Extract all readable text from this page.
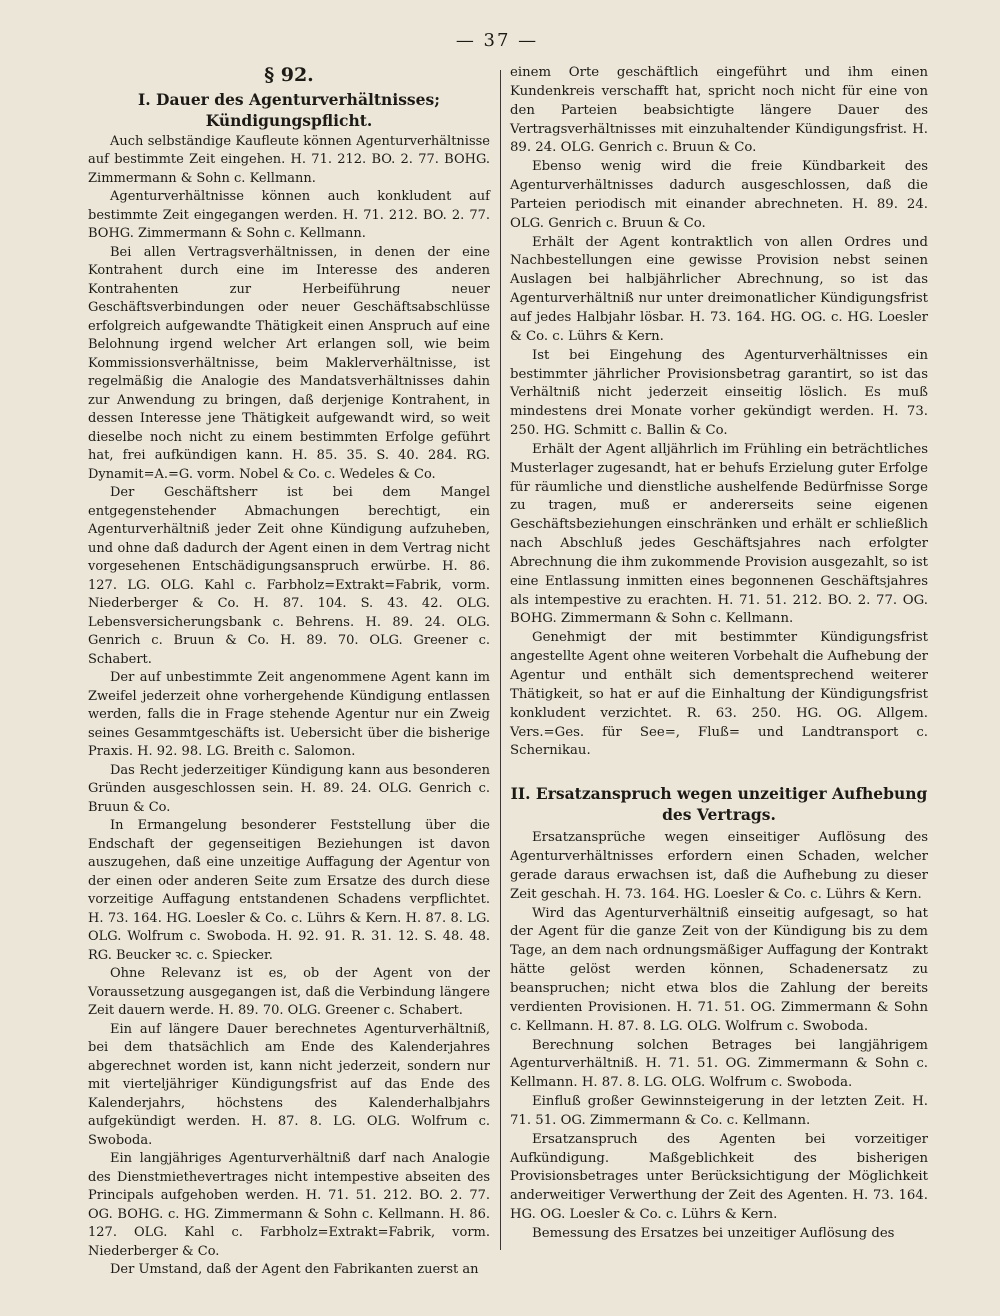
— 37 —
§ 92.
I. Dauer des Agenturverhältnisses; Kündigungspflicht.

Auch selbständige Kaufleute können Agenturverhältnisse auf bestimmte Zeit eingehen. H. 71. 212. BO. 2. 77. BOHG. Zimmermann & Sohn c. Kellmann.

Agenturverhältnisse können auch konkludent auf bestimmte Zeit eingegangen werden. H. 71. 212. BO. 2. 77. BOHG. Zimmermann & Sohn c. Kellmann.

Bei allen Vertragsverhältnissen, in denen der eine Kontrahent durch eine im Interesse des anderen Kontrahenten zur Herbeiführung neuer Geschäftsverbindungen oder neuer Geschäftsabschlüsse erfolgreich aufgewandte Thätigkeit einen Anspruch auf eine Belohnung irgend welcher Art erlangen soll, wie beim Kommissionsverhältnisse, beim Maklerverhältnisse, ist regelmäßig die Analogie des Mandatsverhältnisses dahin zur Anwendung zu bringen, daß derjenige Kontrahent, in dessen Interesse jene Thätigkeit aufgewandt wird, so weit dieselbe noch nicht zu einem bestimmten Erfolge geführt hat, frei aufkündigen kann. H. 85. 35. S. 40. 284. RG. Dynamit=A.=G. vorm. Nobel & Co. c. Wedeles & Co.

Der Geschäftsherr ist bei dem Mangel entgegenstehender Abmachungen berechtigt, ein Agenturverhältniß jeder Zeit ohne Kündigung aufzuheben, und ohne daß dadurch der Agent einen in dem Vertrag nicht vorgesehenen Entschädigungsanspruch erwürbe. H. 86. 127. LG. OLG. Kahl c. Farbholz=Extrakt=Fabrik, vorm. Niederberger & Co. H. 87. 104. S. 43. 42. OLG. Lebensversicherungsbank c. Behrens. H. 89. 24. OLG. Genrich c. Bruun & Co. H. 89. 70. OLG. Greener c. Schabert.

Der auf unbestimmte Zeit angenommene Agent kann im Zweifel jederzeit ohne vorhergehende Kündigung entlassen werden, falls die in Frage stehende Agentur nur ein Zweig seines Gesammtgeschäfts ist. Uebersicht über die bisherige Praxis. H. 92. 98. LG. Breith c. Salomon.

Das Recht jederzeitiger Kündigung kann aus besonderen Gründen ausgeschlossen sein. H. 89. 24. OLG. Genrich c. Bruun & Co.

In Ermangelung besonderer Feststellung über die Endschaft der gegenseitigen Beziehungen ist davon auszugehen, daß eine unzeitige Auffagung der Agentur von der einen oder anderen Seite zum Ersatze des durch diese vorzeitige Auffagung entstandenen Schadens verpflichtet. H. 73. 164. HG. Loesler & Co. c. Lührs & Kern. H. 87. 8. LG. OLG. Wolfrum c. Swoboda. H. 92. 91. R. 31. 12. S. 48. 48. RG. Beucker ꝛc. c. Spiecker.

Ohne Relevanz ist es, ob der Agent von der Voraussetzung ausgegangen ist, daß die Verbindung längere Zeit dauern werde. H. 89. 70. OLG. Greener c. Schabert.

Ein auf längere Dauer berechnetes Agenturverhältniß, bei dem thatsächlich am Ende des Kalenderjahres abgerechnet worden ist, kann nicht jederzeit, sondern nur mit vierteljähriger Kündigungsfrist auf das Ende des Kalenderjahrs, höchstens des Kalenderhalbjahrs aufgekündigt werden. H. 87. 8. LG. OLG. Wolfrum c. Swoboda.

Ein langjähriges Agenturverhältniß darf nach Analogie des Dienstmiethevertrages nicht intempestive abseiten des Principals aufgehoben werden. H. 71. 51. 212. BO. 2. 77. OG. BOHG. c. HG. Zimmermann & Sohn c. Kellmann. H. 86. 127. OLG. Kahl c. Farbholz=Extrakt=Fabrik, vorm. Niederberger & Co.

Der Umstand, daß der Agent den Fabrikanten zuerst an

einem Orte geschäftlich eingeführt und ihm einen Kundenkreis verschafft hat, spricht noch nicht für eine von den Parteien beabsichtigte längere Dauer des Vertragsverhältnisses mit einzuhaltender Kündigungsfrist. H. 89. 24. OLG. Genrich c. Bruun & Co.

Ebenso wenig wird die freie Kündbarkeit des Agenturverhältnisses dadurch ausgeschlossen, daß die Parteien periodisch mit einander abrechneten. H. 89. 24. OLG. Genrich c. Bruun & Co.

Erhält der Agent kontraktlich von allen Ordres und Nachbestellungen eine gewisse Provision nebst seinen Auslagen bei halbjährlicher Abrechnung, so ist das Agenturverhältniß nur unter dreimonatlicher Kündigungsfrist auf jedes Halbjahr lösbar. H. 73. 164. HG. OG. c. HG. Loesler & Co. c. Lührs & Kern.

Ist bei Eingehung des Agenturverhältnisses ein bestimmter jährlicher Provisionsbetrag garantirt, so ist das Verhältniß nicht jederzeit einseitig löslich. Es muß mindestens drei Monate vorher gekündigt werden. H. 73. 250. HG. Schmitt c. Ballin & Co.

Erhält der Agent alljährlich im Frühling ein beträchtliches Musterlager zugesandt, hat er behufs Erzielung guter Erfolge für räumliche und dienstliche aushelfende Bedürfnisse Sorge zu tragen, muß er andererseits seine eigenen Geschäftsbeziehungen einschränken und erhält er schließlich nach Abschluß jedes Geschäftsjahres nach erfolgter Abrechnung die ihm zukommende Provision ausgezahlt, so ist eine Entlassung inmitten eines begonnenen Geschäftsjahres als intempestive zu erachten. H. 71. 51. 212. BO. 2. 77. OG. BOHG. Zimmermann & Sohn c. Kellmann.

Genehmigt der mit bestimmter Kündigungsfrist angestellte Agent ohne weiteren Vorbehalt die Aufhebung der Agentur und enthält sich dementsprechend weiterer Thätigkeit, so hat er auf die Einhaltung der Kündigungsfrist konkludent verzichtet. R. 63. 250. HG. OG. Allgem. Vers.=Ges. für See=, Fluß= und Landtransport c. Schernikau.

II. Ersatzanspruch wegen unzeitiger Aufhebung des Vertrags.

Ersatzansprüche wegen einseitiger Auflösung des Agenturverhältnisses erfordern einen Schaden, welcher gerade daraus erwachsen ist, daß die Aufhebung zu dieser Zeit geschah. H. 73. 164. HG. Loesler & Co. c. Lührs & Kern.

Wird das Agenturverhältniß einseitig aufgesagt, so hat der Agent für die ganze Zeit von der Kündigung bis zu dem Tage, an dem nach ordnungsmäßiger Auffagung der Kontrakt hätte gelöst werden können, Schadenersatz zu beanspruchen; nicht etwa blos die Zahlung der bereits verdienten Provisionen. H. 71. 51. OG. Zimmermann & Sohn c. Kellmann. H. 87. 8. LG. OLG. Wolfrum c. Swoboda.

Berechnung solchen Betrages bei langjährigem Agenturverhältniß. H. 71. 51. OG. Zimmermann & Sohn c. Kellmann. H. 87. 8. LG. OLG. Wolfrum c. Swoboda.

Einfluß großer Gewinnsteigerung in der letzten Zeit. H. 71. 51. OG. Zimmermann & Co. c. Kellmann.

Ersatzanspruch des Agenten bei vorzeitiger Aufkündigung. Maßgeblichkeit des bisherigen Provisionsbetrages unter Berücksichtigung der Möglichkeit anderweitiger Verwerthung der Zeit des Agenten. H. 73. 164. HG. OG. Loesler & Co. c. Lührs & Kern.

Bemessung des Ersatzes bei unzeitiger Auflösung des
